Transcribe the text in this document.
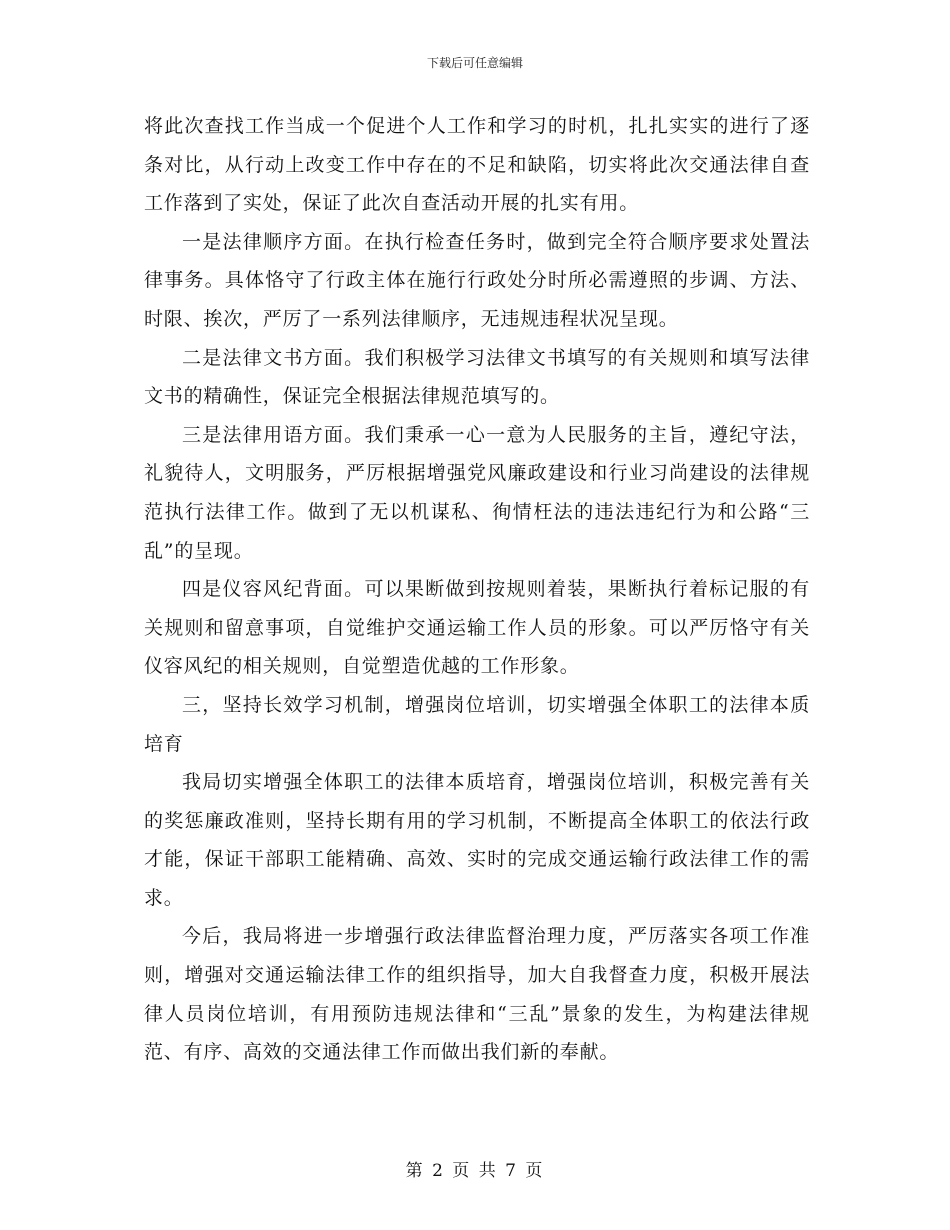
下载后可任意编辑

将此次查找工作当成一个促进个人工作和学习的时机，扎扎实实的进行了逐条对比，从行动上改变工作中存在的不足和缺陷，切实将此次交通法律自查工作落到了实处，保证了此次自查活动开展的扎实有用。

一是法律顺序方面。在执行检查任务时，做到完全符合顺序要求处置法律事务。具体恪守了行政主体在施行行政处分时所必需遵照的步调、方法、时限、挨次，严厉了一系列法律顺序，无违规违程状况呈现。

二是法律文书方面。我们积极学习法律文书填写的有关规则和填写法律文书的精确性，保证完全根据法律规范填写的。

三是法律用语方面。我们秉承一心一意为人民服务的主旨，遵纪守法，礼貌待人，文明服务，严厉根据增强党风廉政建设和行业习尚建设的法律规范执行法律工作。做到了无以机谋私、徇情枉法的违法违纪行为和公路“三乱”的呈现。

四是仪容风纪背面。可以果断做到按规则着装，果断执行着标记服的有关规则和留意事项，自觉维护交通运输工作人员的形象。可以严厉恪守有关仪容风纪的相关规则，自觉塑造优越的工作形象。

三，坚持长效学习机制，增强岗位培训，切实增强全体职工的法律本质培育

我局切实增强全体职工的法律本质培育，增强岗位培训，积极完善有关的奖惩廉政准则，坚持长期有用的学习机制，不断提高全体职工的依法行政才能，保证干部职工能精确、高效、实时的完成交通运输行政法律工作的需求。

今后，我局将进一步增强行政法律监督治理力度，严厉落实各项工作准则，增强对交通运输法律工作的组织指导，加大自我督查力度，积极开展法律人员岗位培训，有用预防违规法律和“三乱”景象的发生，为构建法律规范、有序、高效的交通法律工作而做出我们新的奉献。

第 2 页 共 7 页
